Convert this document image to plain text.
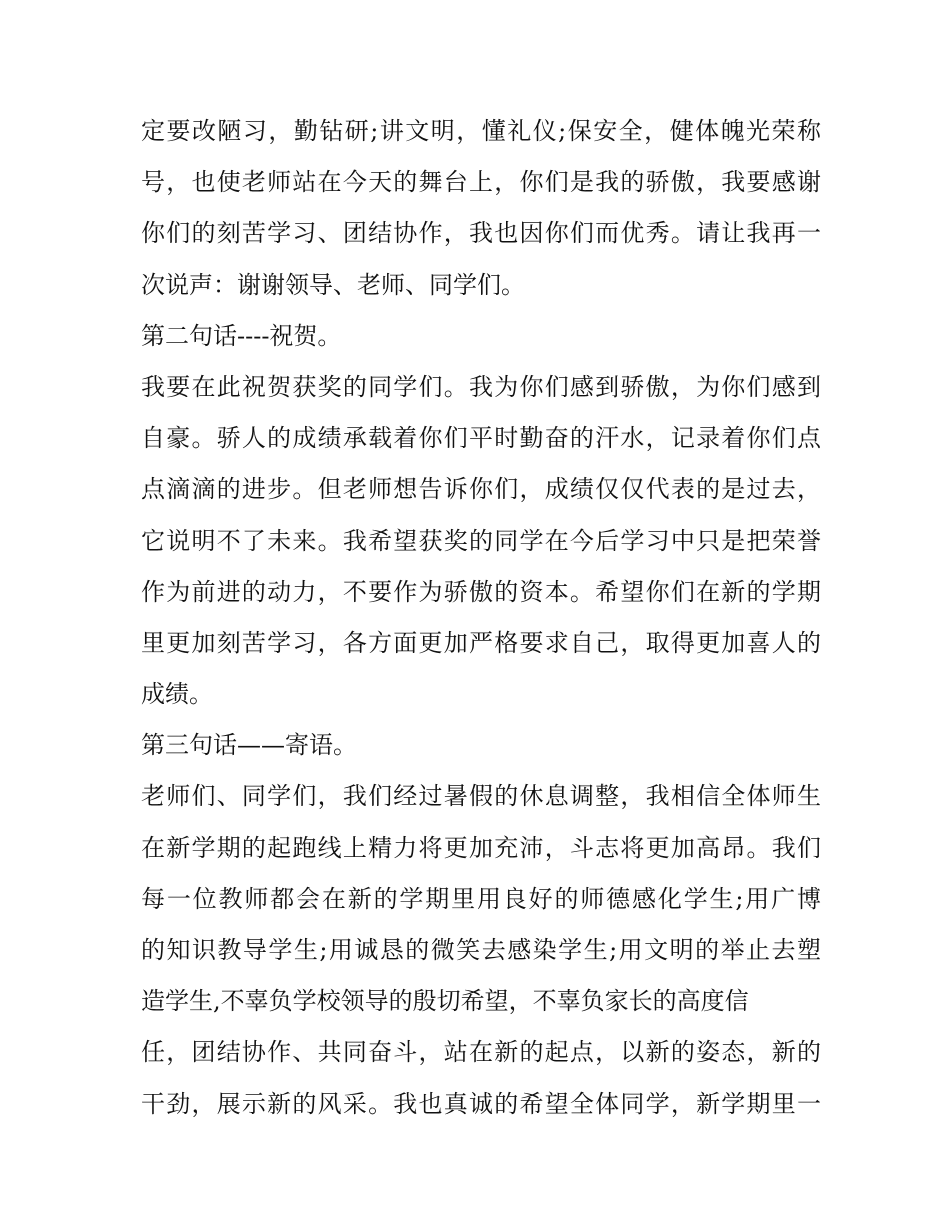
定要改陋习，勤钻研;讲文明，懂礼仪;保安全，健体魄光荣称
号，也使老师站在今天的舞台上，你们是我的骄傲，我要感谢
你们的刻苦学习、团结协作，我也因你们而优秀。请让我再一
次说声：谢谢领导、老师、同学们。
第二句话----祝贺。
我要在此祝贺获奖的同学们。我为你们感到骄傲，为你们感到
自豪。骄人的成绩承载着你们平时勤奋的汗水，记录着你们点
点滴滴的进步。但老师想告诉你们，成绩仅仅代表的是过去，
它说明不了未来。我希望获奖的同学在今后学习中只是把荣誉
作为前进的动力，不要作为骄傲的资本。希望你们在新的学期
里更加刻苦学习，各方面更加严格要求自己，取得更加喜人的
成绩。
第三句话——寄语。
老师们、同学们，我们经过暑假的休息调整，我相信全体师生
在新学期的起跑线上精力将更加充沛，斗志将更加高昂。我们
每一位教师都会在新的学期里用良好的师德感化学生;用广博
的知识教导学生;用诚恳的微笑去感染学生;用文明的举止去塑
造学生,不辜负学校领导的殷切希望，不辜负家长的高度信
任，团结协作、共同奋斗，站在新的起点，以新的姿态，新的
干劲，展示新的风采。我也真诚的希望全体同学，新学期里一
